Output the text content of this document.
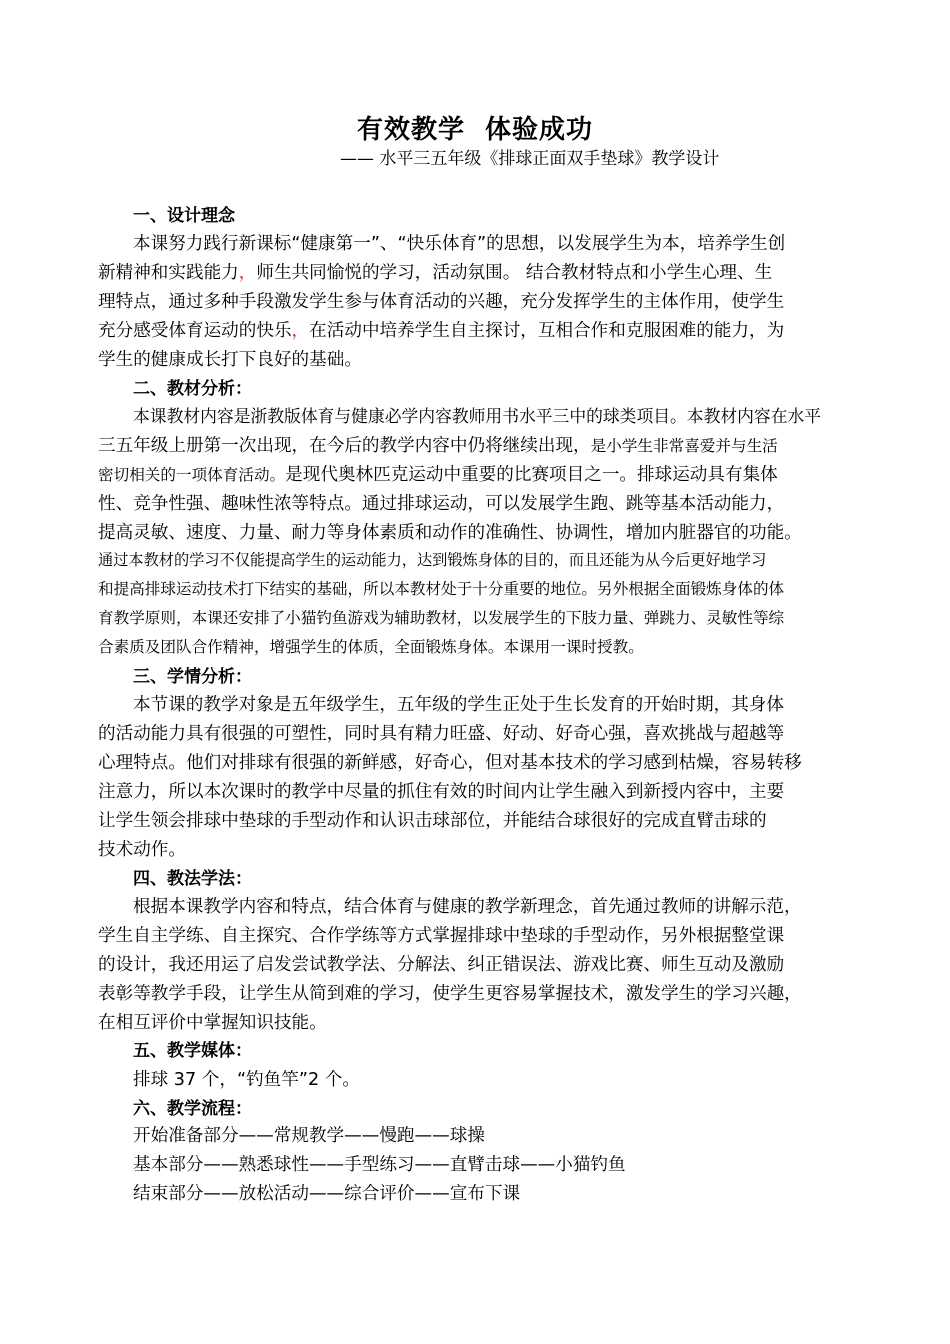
有效教学  体验成功
—— 水平三五年级《排球正面双手垫球》教学设计
一、设计理念
本课努力践行新课标“健康第一”、“快乐体育”的思想，以发展学生为本，培养学生创
新精神和实践能力，师生共同愉悦的学习，活动氛围。 结合教材特点和小学生心理、生
理特点，通过多种手段激发学生参与体育活动的兴趣，充分发挥学生的主体作用，使学生
充分感受体育运动的快乐，在活动中培养学生自主探讨，互相合作和克服困难的能力，为
学生的健康成长打下良好的基础。
二、教材分析：
本课教材内容是浙教版体育与健康必学内容教师用书水平三中的球类项目。本教材内容在水平
三五年级上册第一次出现，在今后的教学内容中仍将继续出现，是小学生非常喜爱并与生活
密切相关的一项体育活动。是现代奥林匹克运动中重要的比赛项目之一。排球运动具有集体
性、竞争性强、趣味性浓等特点。通过排球运动，可以发展学生跑、跳等基本活动能力，
提高灵敏、速度、力量、耐力等身体素质和动作的准确性、协调性，增加内脏器官的功能。
通过本教材的学习不仅能提高学生的运动能力，达到锻炼身体的目的，而且还能为从今后更好地学习
和提高排球运动技术打下结实的基础，所以本教材处于十分重要的地位。另外根据全面锻炼身体的体
育教学原则，本课还安排了小猫钓鱼游戏为辅助教材，以发展学生的下肢力量、弹跳力、灵敏性等综
合素质及团队合作精神，增强学生的体质，全面锻炼身体。本课用一课时授教。
三、学情分析：
本节课的教学对象是五年级学生，五年级的学生正处于生长发育的开始时期，其身体
的活动能力具有很强的可塑性，同时具有精力旺盛、好动、好奇心强，喜欢挑战与超越等
心理特点。他们对排球有很强的新鲜感，好奇心，但对基本技术的学习感到枯燥，容易转移
注意力，所以本次课时的教学中尽量的抓住有效的时间内让学生融入到新授内容中，主要
让学生领会排球中垫球的手型动作和认识击球部位，并能结合球很好的完成直臂击球的
技术动作。
四、教法学法：
根据本课教学内容和特点，结合体育与健康的教学新理念，首先通过教师的讲解示范，
学生自主学练、自主探究、合作学练等方式掌握排球中垫球的手型动作，另外根据整堂课
的设计，我还用运了启发尝试教学法、分解法、纠正错误法、游戏比赛、师生互动及激励
表彰等教学手段，让学生从简到难的学习，使学生更容易掌握技术，激发学生的学习兴趣，
在相互评价中掌握知识技能。
五、教学媒体：
排球 37 个，“钓鱼竿”2 个。
六、教学流程：
开始准备部分——常规教学——慢跑——球操
基本部分——熟悉球性——手型练习——直臂击球——小猫钓鱼
结束部分——放松活动——综合评价——宣布下课
